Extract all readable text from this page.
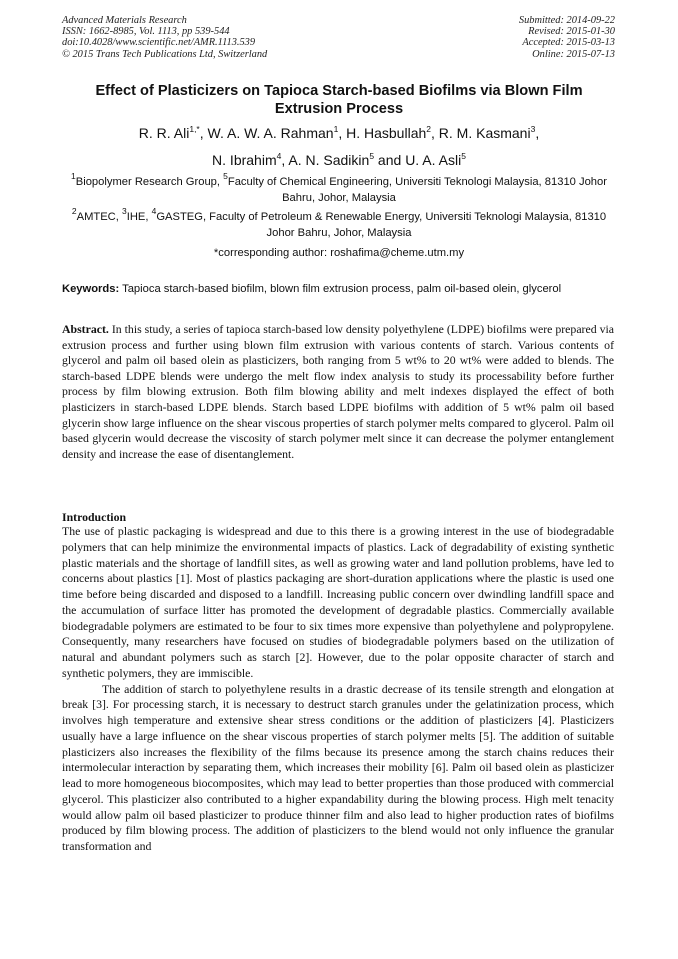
Advanced Materials Research
ISSN: 1662-8985, Vol. 1113, pp 539-544
doi:10.4028/www.scientific.net/AMR.1113.539
© 2015 Trans Tech Publications Ltd, Switzerland
Submitted: 2014-09-22
Revised: 2015-01-30
Accepted: 2015-03-13
Online: 2015-07-13
Effect of Plasticizers on Tapioca Starch-based Biofilms via Blown Film Extrusion Process
R. R. Ali$^{1,*}$, W. A. W. A. Rahman$^1$, H. Hasbullah$^2$, R. M. Kasmani$^3$,
N. Ibrahim$^4$, A. N. Sadikin$^5$ and U. A. Asli$^5$
$^1$Biopolymer Research Group, $^5$Faculty of Chemical Engineering, Universiti Teknologi Malaysia, 81310 Johor Bahru, Johor, Malaysia
$^2$AMTEC, $^3$IHE, $^4$GASTEG, Faculty of Petroleum & Renewable Energy, Universiti Teknologi Malaysia, 81310 Johor Bahru, Johor, Malaysia
*corresponding author: roshafima@cheme.utm.my
Keywords: Tapioca starch-based biofilm, blown film extrusion process, palm oil-based olein, glycerol
Abstract. In this study, a series of tapioca starch-based low density polyethylene (LDPE) biofilms were prepared via extrusion process and further using blown film extrusion with various contents of starch. Various contents of glycerol and palm oil based olein as plasticizers, both ranging from 5 wt% to 20 wt% were added to blends. The starch-based LDPE blends were undergo the melt flow index analysis to study its processability before further process by film blowing extrusion. Both film blowing ability and melt indexes displayed the effect of both plasticizers in starch-based LDPE blends. Starch based LDPE biofilms with addition of 5 wt% palm oil based glycerin show large influence on the shear viscous properties of starch polymer melts compared to glycerol. Palm oil based glycerin would decrease the viscosity of starch polymer melt since it can decrease the polymer entanglement density and increase the ease of disentanglement.
Introduction

The use of plastic packaging is widespread and due to this there is a growing interest in the use of biodegradable polymers that can help minimize the environmental impacts of plastics. Lack of degradability of existing synthetic plastic materials and the shortage of landfill sites, as well as growing water and land pollution problems, have led to concerns about plastics [1]. Most of plastics packaging are short-duration applications where the plastic is used one time before being discarded and disposed to a landfill. Increasing public concern over dwindling landfill space and the accumulation of surface litter has promoted the development of degradable plastics. Commercially available biodegradable polymers are estimated to be four to six times more expensive than polyethylene and polypropylene. Consequently, many researchers have focused on studies of biodegradable polymers based on the utilization of natural and abundant polymers such as starch [2]. However, due to the polar opposite character of starch and synthetic polymers, they are immiscible.

The addition of starch to polyethylene results in a drastic decrease of its tensile strength and elongation at break [3]. For processing starch, it is necessary to destruct starch granules under the gelatinization process, which involves high temperature and extensive shear stress conditions or the addition of plasticizers [4]. Plasticizers usually have a large influence on the shear viscous properties of starch polymer melts [5]. The addition of suitable plasticizers also increases the flexibility of the films because its presence among the starch chains reduces their intermolecular interaction by separating them, which increases their mobility [6]. Palm oil based olein as plasticizer lead to more homogeneous biocomposites, which may lead to better properties than those produced with commercial glycerol. This plasticizer also contributed to a higher expandability during the blowing process. High melt tenacity would allow palm oil based plasticizer to produce thinner film and also lead to higher production rates of biofilms produced by film blowing process. The addition of plasticizers to the blend would not only influence the granular transformation and
